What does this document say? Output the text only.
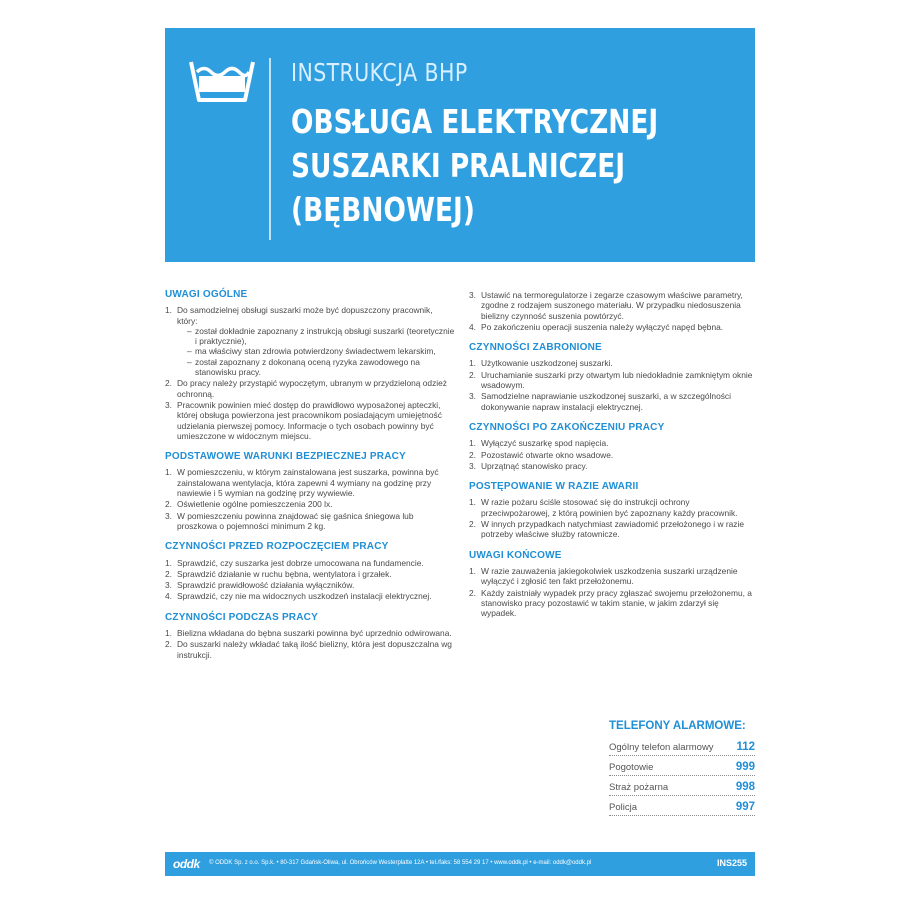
INSTRUKCJA BHP
OBSŁUGA ELEKTRYCZNEJ
SUSZARKI PRALNICZEJ
(BĘBNOWEJ)
UWAGI OGÓLNE
1. Do samodzielnej obsługi suszarki może być dopuszczony pracownik, który:
– został dokładnie zapoznany z instrukcją obsługi suszarki (teoretycznie i praktycznie),
– ma właściwy stan zdrowia potwierdzony świadectwem lekarskim,
– został zapoznany z dokonaną oceną ryzyka zawodowego na stanowisku pracy.
2. Do pracy należy przystąpić wypoczętym, ubranym w przydzieloną odzież ochronną.
3. Pracownik powinien mieć dostęp do prawidłowo wyposażonej apteczki, której obsługa powierzona jest pracownikom posiadającym umiejętność udzielania pierwszej pomocy. Informacje o tych osobach powinny być umieszczone w widocznym miejscu.
PODSTAWOWE WARUNKI BEZPIECZNEJ PRACY
1. W pomieszczeniu, w którym zainstalowana jest suszarka, powinna być zainstalowana wentylacja, która zapewni 4 wymiany na godzinę przy nawiewie i 5 wymian na godzinę przy wywiewie.
2. Oświetlenie ogólne pomieszczenia 200 lx.
3. W pomieszczeniu powinna znajdować się gaśnica śniegowa lub proszkowa o pojemności minimum 2 kg.
CZYNNOŚCI PRZED ROZPOCZĘCIEM PRACY
1. Sprawdzić, czy suszarka jest dobrze umocowana na fundamencie.
2. Sprawdzić działanie w ruchu bębna, wentylatora i grzałek.
3. Sprawdzić prawidłowość działania wyłączników.
4. Sprawdzić, czy nie ma widocznych uszkodzeń instalacji elektrycznej.
CZYNNOŚCI PODCZAS PRACY
1. Bielizna wkładana do bębna suszarki powinna być uprzednio odwirowana.
2. Do suszarki należy wkładać taką ilość bielizny, która jest dopuszczalna wg instrukcji.
3. Ustawić na termoregulatorze i zegarze czasowym właściwe parametry, zgodne z rodzajem suszonego materiału. W przypadku niedosuszenia bielizny czynność suszenia powtórzyć.
4. Po zakończeniu operacji suszenia należy wyłączyć napęd bębna.
CZYNNOŚCI ZABRONIONE
1. Użytkowanie uszkodzonej suszarki.
2. Uruchamianie suszarki przy otwartym lub niedokładnie zamkniętym oknie wsadowym.
3. Samodzielne naprawianie uszkodzonej suszarki, a w szczególności dokonywanie napraw instalacji elektrycznej.
CZYNNOŚCI PO ZAKOŃCZENIU PRACY
1. Wyłączyć suszarkę spod napięcia.
2. Pozostawić otwarte okno wsadowe.
3. Uprzątnąć stanowisko pracy.
POSTĘPOWANIE W RAZIE AWARII
1. W razie pożaru ściśle stosować się do instrukcji ochrony przeciwpożarowej, z którą powinien być zapoznany każdy pracownik.
2. W innych przypadkach natychmiast zawiadomić przełożonego i w razie potrzeby właściwe służby ratownicze.
UWAGI KOŃCOWE
1. W razie zauważenia jakiegokolwiek uszkodzenia suszarki urządzenie wyłączyć i zgłosić ten fakt przełożonemu.
2. Każdy zaistniały wypadek przy pracy zgłaszać swojemu przełożonemu, a stanowisko pracy pozostawić w takim stanie, w jakim zdarzył się wypadek.
TELEFONY ALARMOWE:
Ogólny telefon alarmowy	112
Pogotowie	999
Straż pożarna	998
Policja	997
oddk © ODDK Sp. z o.o. Sp.k. • 80-317 Gdańsk-Oliwa, ul. Obrońców Westerplatte 12A • tel./faks: 58 554 29 17 • www.oddk.pl • e-mail: oddk@oddk.pl	INS255
